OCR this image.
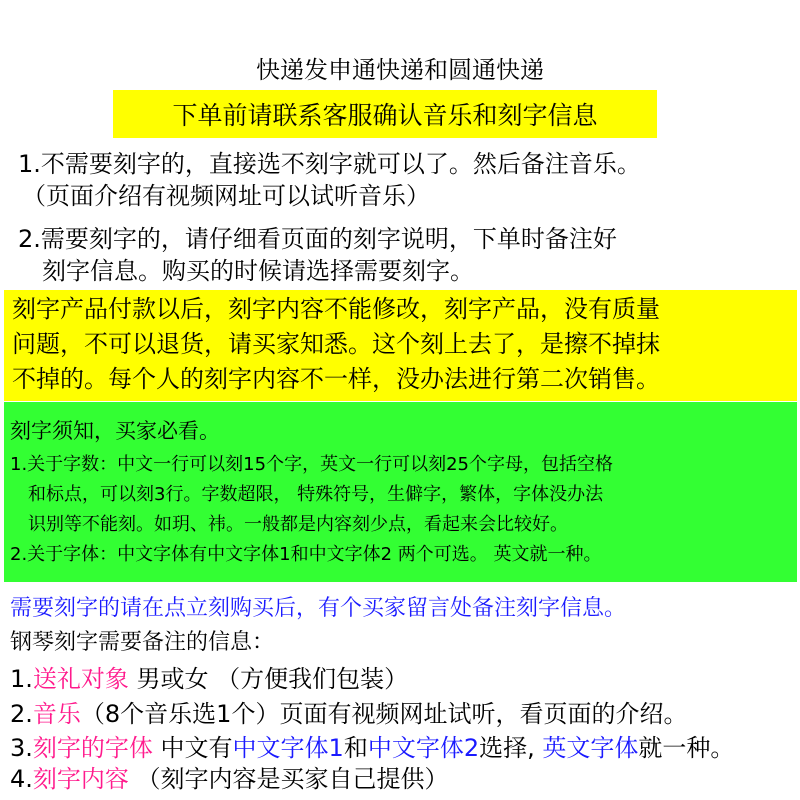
快递发申通快递和圆通快递
下单前请联系客服确认音乐和刻字信息
1.不需要刻字的，直接选不刻字就可以了。然后备注音乐。
（页面介绍有视频网址可以试听音乐）
2.需要刻字的，请仔细看页面的刻字说明，下单时备注好
刻字信息。购买的时候请选择需要刻字。
刻字产品付款以后，刻字内容不能修改，刻字产品，没有质量
问题，不可以退货，请买家知悉。这个刻上去了，是擦不掉抹
不掉的。每个人的刻字内容不一样，没办法进行第二次销售。
刻字须知，买家必看。
1.关于字数：中文一行可以刻15个字，英文一行可以刻25个字母，包括空格
和标点，可以刻3行。字数超限， 特殊符号，生僻字，繁体，字体没办法
识别等不能刻。如玥、祎。一般都是内容刻少点，看起来会比较好。
2.关于字体：中文字体有中文字体1和中文字体2 两个可选。 英文就一种。
需要刻字的请在点立刻购买后，有个买家留言处备注刻字信息。
钢琴刻字需要备注的信息：
1.送礼对象 男或女 （方便我们包装）
2.音乐（8个音乐选1个）页面有视频网址试听，看页面的介绍。
3.刻字的字体 中文有中文字体1和中文字体2选择, 英文字体就一种。
4.刻字内容 （刻字内容是买家自己提供）
